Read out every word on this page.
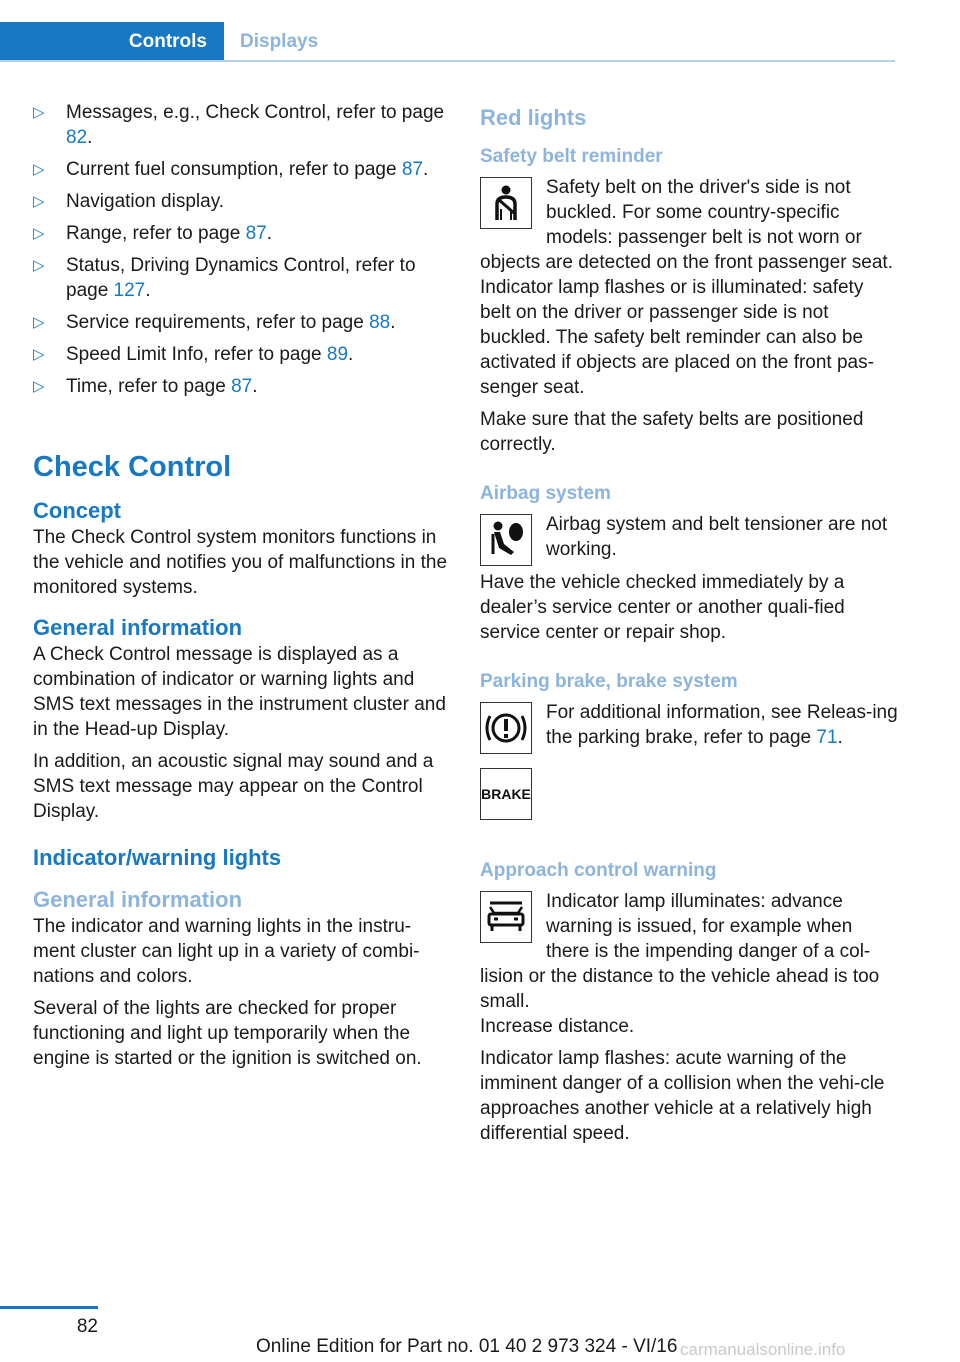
Controls	Displays
▷ Messages, e.g., Check Control, refer to page 82.
▷ Current fuel consumption, refer to page 87.
▷ Navigation display.
▷ Range, refer to page 87.
▷ Status, Driving Dynamics Control, refer to page 127.
▷ Service requirements, refer to page 88.
▷ Speed Limit Info, refer to page 89.
▷ Time, refer to page 87.
Check Control
Concept

The Check Control system monitors functions in the vehicle and notifies you of malfunctions in the monitored systems.

General information

A Check Control message is displayed as a combination of indicator or warning lights and SMS text messages in the instrument cluster and in the Head-up Display.

In addition, an acoustic signal may sound and a SMS text message may appear on the Control Display.

Indicator/warning lights
General information

The indicator and warning lights in the instru‐ment cluster can light up in a variety of combi‐nations and colors.

Several of the lights are checked for proper functioning and light up temporarily when the engine is started or the ignition is switched on.

Red lights
Safety belt reminder

Safety belt on the driver's side is not buckled. For some country-specific models: passenger belt is not worn or objects are detected on the front passenger seat.

Indicator lamp flashes or is illuminated: safety belt on the driver or passenger side is not buckled. The safety belt reminder can also be activated if objects are placed on the front pas‐senger seat.

Make sure that the safety belts are positioned correctly.

Airbag system

Airbag system and belt tensioner are not working.

Have the vehicle checked immediately by a dealer’s service center or another quali‐fied service center or repair shop.

Parking brake, brake system

For additional information, see Releas‐ing the parking brake, refer to page 71.

BRAKE
Approach control warning

Indicator lamp illuminates: advance warning is issued, for example when there is the impending danger of a col‐lision or the distance to the vehicle ahead is too small.

Increase distance.

Indicator lamp flashes: acute warning of the imminent danger of a collision when the vehi‐cle approaches another vehicle at a relatively high differential speed.

82
Online Edition for Part no. 01 40 2 973 324 - VI/16 carmanualsonline.info
